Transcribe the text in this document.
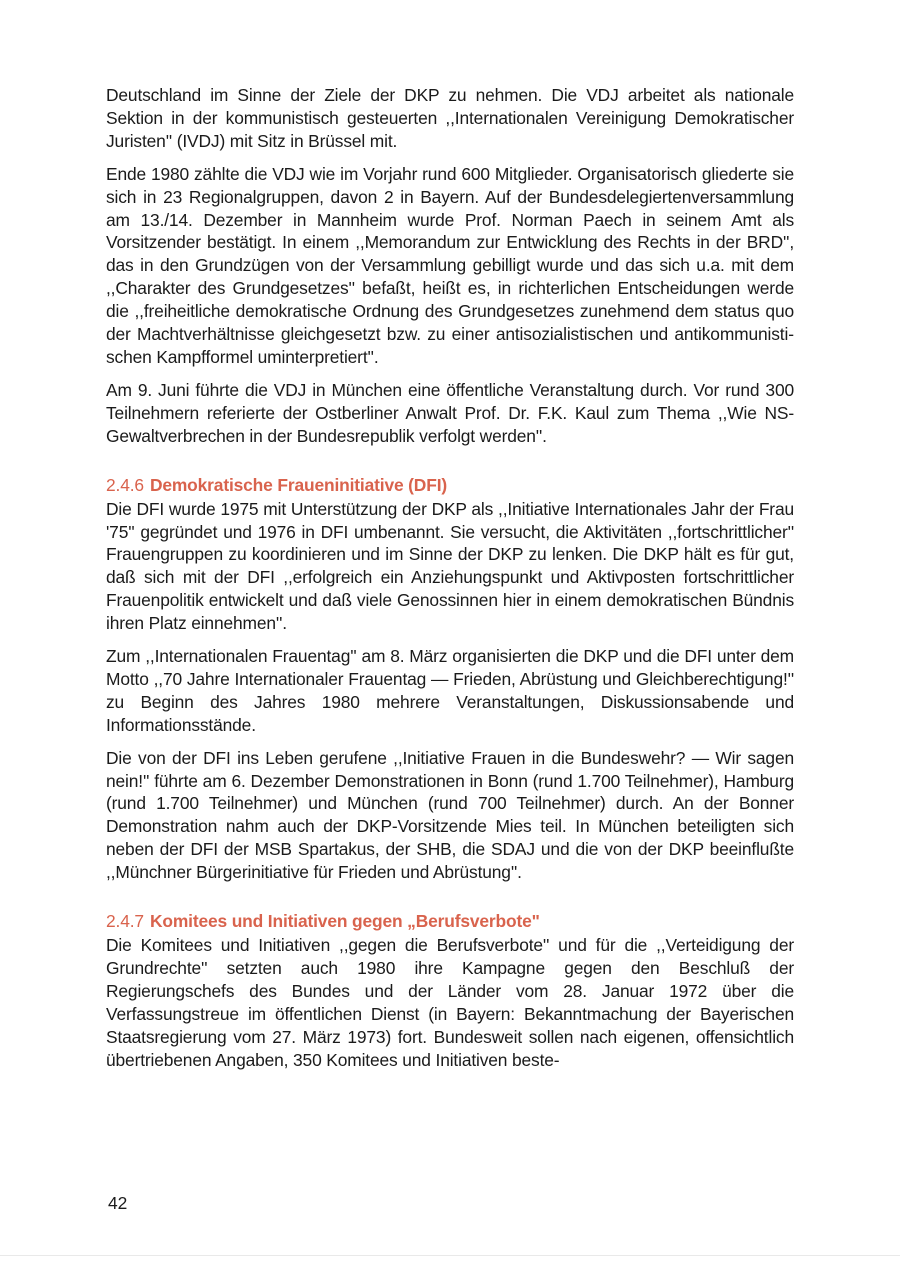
Deutschland im Sinne der Ziele der DKP zu nehmen. Die VDJ arbeitet als nationale Sektion in der kommunistisch gesteuerten ,,Internationalen Vereinigung Demokratischer Juristen'' (IVDJ) mit Sitz in Brüssel mit.

Ende 1980 zählte die VDJ wie im Vorjahr rund 600 Mitglieder. Organisatorisch gliederte sie sich in 23 Regionalgruppen, davon 2 in Bayern. Auf der Bundesdelegiertenversammlung am 13./14. Dezember in Mannheim wurde Prof. Norman Paech in seinem Amt als Vorsitzender bestätigt. In einem ,,Memorandum zur Entwicklung des Rechts in der BRD'', das in den Grundzügen von der Versammlung gebilligt wurde und das sich u.a. mit dem ,,Charakter des Grundgesetzes'' befaßt, heißt es, in richterlichen Entscheidungen werde die ,,freiheitliche demokratische Ordnung des Grundgesetzes zunehmend dem status quo der Machtverhältnisse gleichgesetzt bzw. zu einer antisozialistischen und antikommunistischen Kampfformel uminterpretiert''.

Am 9. Juni führte die VDJ in München eine öffentliche Veranstaltung durch. Vor rund 300 Teilnehmern referierte der Ostberliner Anwalt Prof. Dr. F.K. Kaul zum Thema ,,Wie NS-Gewaltverbrechen in der Bundesrepublik verfolgt werden''.

2.4.6 Demokratische Fraueninitiative (DFI)

Die DFI wurde 1975 mit Unterstützung der DKP als ,,Initiative Internationales Jahr der Frau '75'' gegründet und 1976 in DFI umbenannt. Sie versucht, die Aktivitäten ,,fortschrittlicher'' Frauengruppen zu koordinieren und im Sinne der DKP zu lenken. Die DKP hält es für gut, daß sich mit der DFI ,,erfolgreich ein Anziehungspunkt und Aktivposten fortschrittlicher Frauenpolitik entwickelt und daß viele Genossinnen hier in einem demokratischen Bündnis ihren Platz einnehmen''.

Zum ,,Internationalen Frauentag'' am 8. März organisierten die DKP und die DFI unter dem Motto ,,70 Jahre Internationaler Frauentag — Frieden, Abrüstung und Gleichberechtigung!'' zu Beginn des Jahres 1980 mehrere Veranstaltungen, Diskussionsabende und Informationsstände.

Die von der DFI ins Leben gerufene ,,Initiative Frauen in die Bundeswehr? — Wir sagen nein!'' führte am 6. Dezember Demonstrationen in Bonn (rund 1.700 Teilnehmer), Hamburg (rund 1.700 Teilnehmer) und München (rund 700 Teilnehmer) durch. An der Bonner Demonstration nahm auch der DKP-Vorsitzende Mies teil. In München beteiligten sich neben der DFI der MSB Spartakus, der SHB, die SDAJ und die von der DKP beeinflußte ,,Münchner Bürgerinitiative für Frieden und Abrüstung''.

2.4.7 Komitees und Initiativen gegen „Berufsverbote"

Die Komitees und Initiativen ,,gegen die Berufsverbote'' und für die ,,Verteidigung der Grundrechte'' setzten auch 1980 ihre Kampagne gegen den Beschluß der Regierungschefs des Bundes und der Länder vom 28. Januar 1972 über die Verfassungstreue im öffentlichen Dienst (in Bayern: Bekanntmachung der Bayerischen Staatsregierung vom 27. März 1973) fort. Bundesweit sollen nach eigenen, offensichtlich übertriebenen Angaben, 350 Komitees und Initiativen beste-

42
